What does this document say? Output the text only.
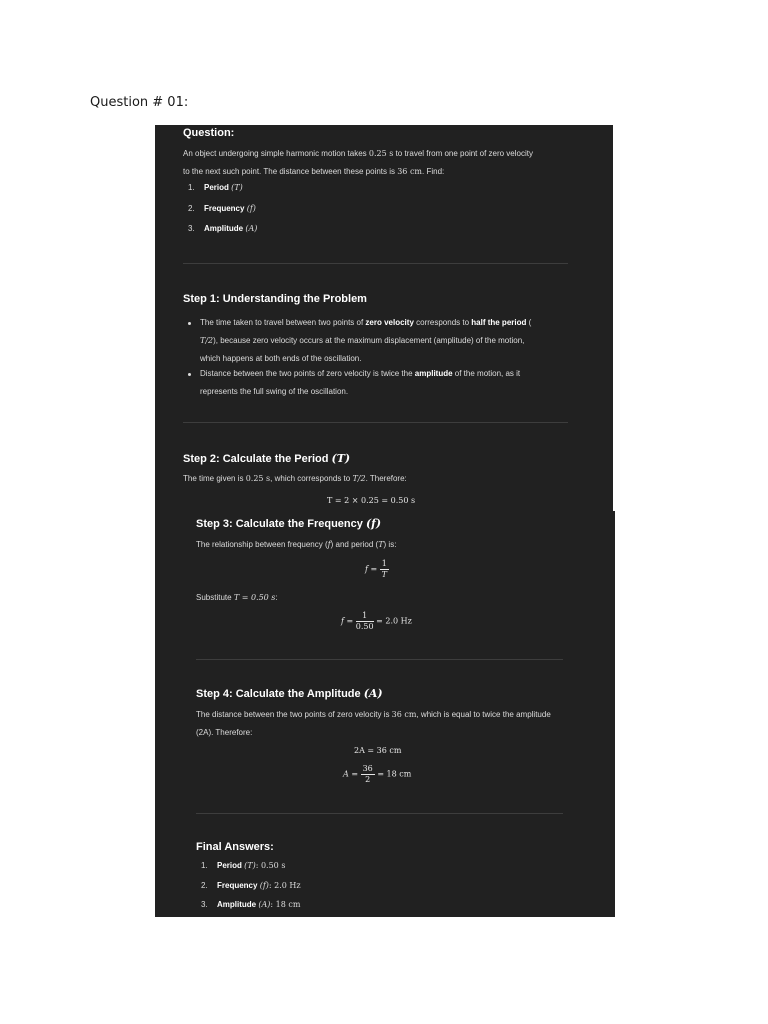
Question # 01:
Question:
An object undergoing simple harmonic motion takes 0.25 s to travel from one point of zero velocity
to the next such point. The distance between these points is 36 cm. Find:
1. Period (T)
2. Frequency (f)
3. Amplitude (A)
Step 1: Understanding the Problem
The time taken to travel between two points of zero velocity corresponds to half the period (
T/2), because zero velocity occurs at the maximum displacement (amplitude) of the motion,
which happens at both ends of the oscillation.
Distance between the two points of zero velocity is twice the amplitude of the motion, as it
represents the full swing of the oscillation.
Step 2: Calculate the Period (T)
The time given is 0.25 s, which corresponds to T/2. Therefore:
T = 2 × 0.25 = 0.50 s
Step 3: Calculate the Frequency (f)
The relationship between frequency (f) and period (T) is:
$f = \frac{1}{T}$
Substitute T = 0.50 s:
$f = \frac{1}{0.50} = 2.0$ Hz
Step 4: Calculate the Amplitude (A)
The distance between the two points of zero velocity is 36 cm, which is equal to twice the amplitude
(2A). Therefore:
2A = 36 cm
$A = \frac{36}{2} = 18$ cm
Final Answers:
1. Period (T): 0.50 s
2. Frequency (f): 2.0 Hz
3. Amplitude (A): 18 cm
